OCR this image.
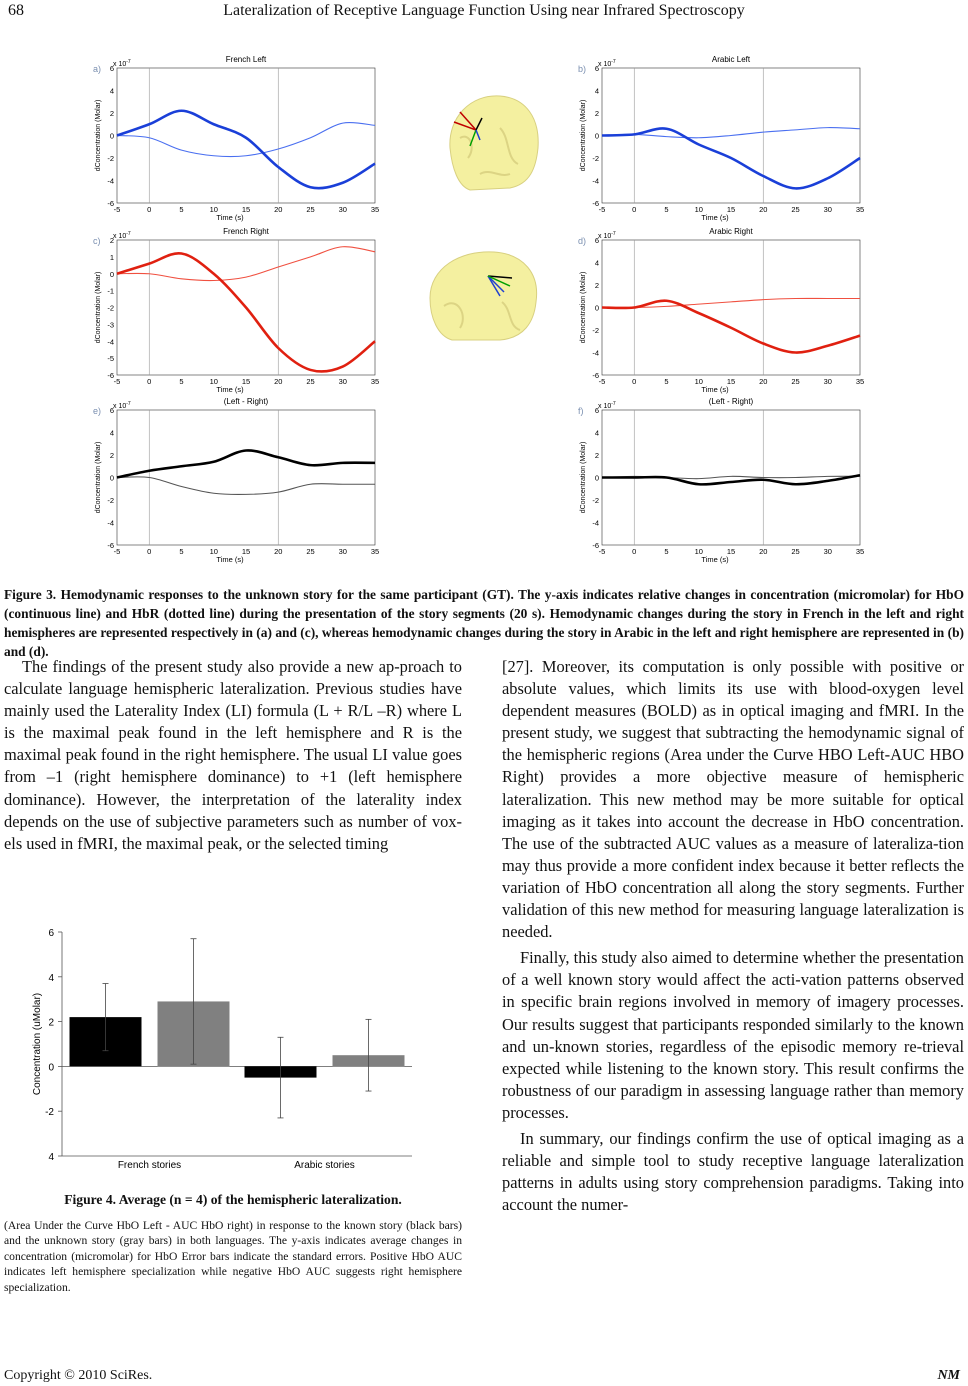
68	Lateralization of Receptive Language Function Using near Infrared Spectroscopy
French Left
a) x $10^{-7}$
6
4
2
0
-2
-4
-6
-5	0	5	10	15	20	25	30	35
Time (s)
dConcentration (Molar)
Arabic Left
b) x $10^{-7}$
6
4
2
0
-2
-4
-6
-5	0	5	10	15	20	25	30	35
Time (s)
dConcentration (Molar)
French Right
c) x $10^{-7}$
2
1
0
-1
-2
-3
-4
-5
-6
-5	0	5	10	15	20	25	30	35
Time (s)
dConcentration (Molar)
Arabic Right
d) x $10^{-7}$
6
4
2
0
-2
-4
-6
-5	0	5	10	15	20	25	30	35
Time (s)
dConcentration (Molar)
(Left - Right)
e) x $10^{-7}$
6
4
2
0
-2
-4
-6
-5	0	5	10	15	20	25	30	35
Time (s)
dConcentration (Molar)
(Left - Right)
f) x $10^{-7}$
6
4
2
0
-2
-4
-6
-5	0	5	10	15	20	25	30	35
Time (s)
dConcentration (Molar)
Figure 3. Hemodynamic responses to the unknown story for the same participant (GT). The y-axis indicates relative changes in concentration (micromolar) for HbO (continuous line) and HbR (dotted line) during the presentation of the story segments (20 s). Hemodynamic changes during the story in French in the left and right hemispheres are represented respectively in (a) and (c), whereas hemodynamic changes during the story in Arabic in the left and right hemisphere are represented in (b) and (d).

The findings of the present study also provide a new ap-proach to calculate language hemispheric lateralization. Previous studies have mainly used the Laterality Index (LI) formula (L + R/L –R) where L is the maximal peak found in the left hemisphere and R is the maximal peak found in the right hemisphere. The usual LI value goes from –1 (right hemisphere dominance) to +1 (left hemisphere dominance). However, the interpretation of the laterality index depends on the use of subjective parameters such as number of vox-els used in fMRI, the maximal peak, or the selected timing

6
4
2
0
-2
4
Concentration (uMolar)
French stories	Arabic stories
Figure 4. Average (n = 4) of the hemispheric lateralization.
(Area Under the Curve HbO Left - AUC HbO right) in response to the known story (black bars) and the unknown story (gray bars) in both languages. The y-axis indicates average changes in concentration (micromolar) for HbO Error bars indicate the standard errors. Positive HbO AUC indicates left hemisphere specialization while negative HbO AUC suggests right hemisphere specialization.

[27]. Moreover, its computation is only possible with positive or absolute values, which limits its use with blood-oxygen level dependent measures (BOLD) as in optical imaging and fMRI. In the present study, we suggest that subtracting the hemodynamic signal of the hemispheric regions (Area under the Curve HBO Left-AUC HBO Right) provides a more objective measure of hemispheric lateralization. This new method may be more suitable for optical imaging as it takes into account the decrease in HbO concentration. The use of the subtracted AUC values as a measure of lateraliza-tion may thus provide a more confident index because it better reflects the variation of HbO concentration all along the story segments. Further validation of this new method for measuring language lateralization is needed.

Finally, this study also aimed to determine whether the presentation of a well known story would affect the acti-vation patterns observed in specific brain regions involved in memory of imagery processes. Our results suggest that participants responded similarly to the known and un-known stories, regardless of the episodic memory re-trieval expected while listening to the known story. This result confirms the robustness of our paradigm in assessing language rather than memory processes.

In summary, our findings confirm the use of optical imaging as a reliable and simple tool to study receptive language lateralization patterns in adults using story comprehension paradigms. Taking into account the numer-

Copyright © 2010 SciRes.	NM
